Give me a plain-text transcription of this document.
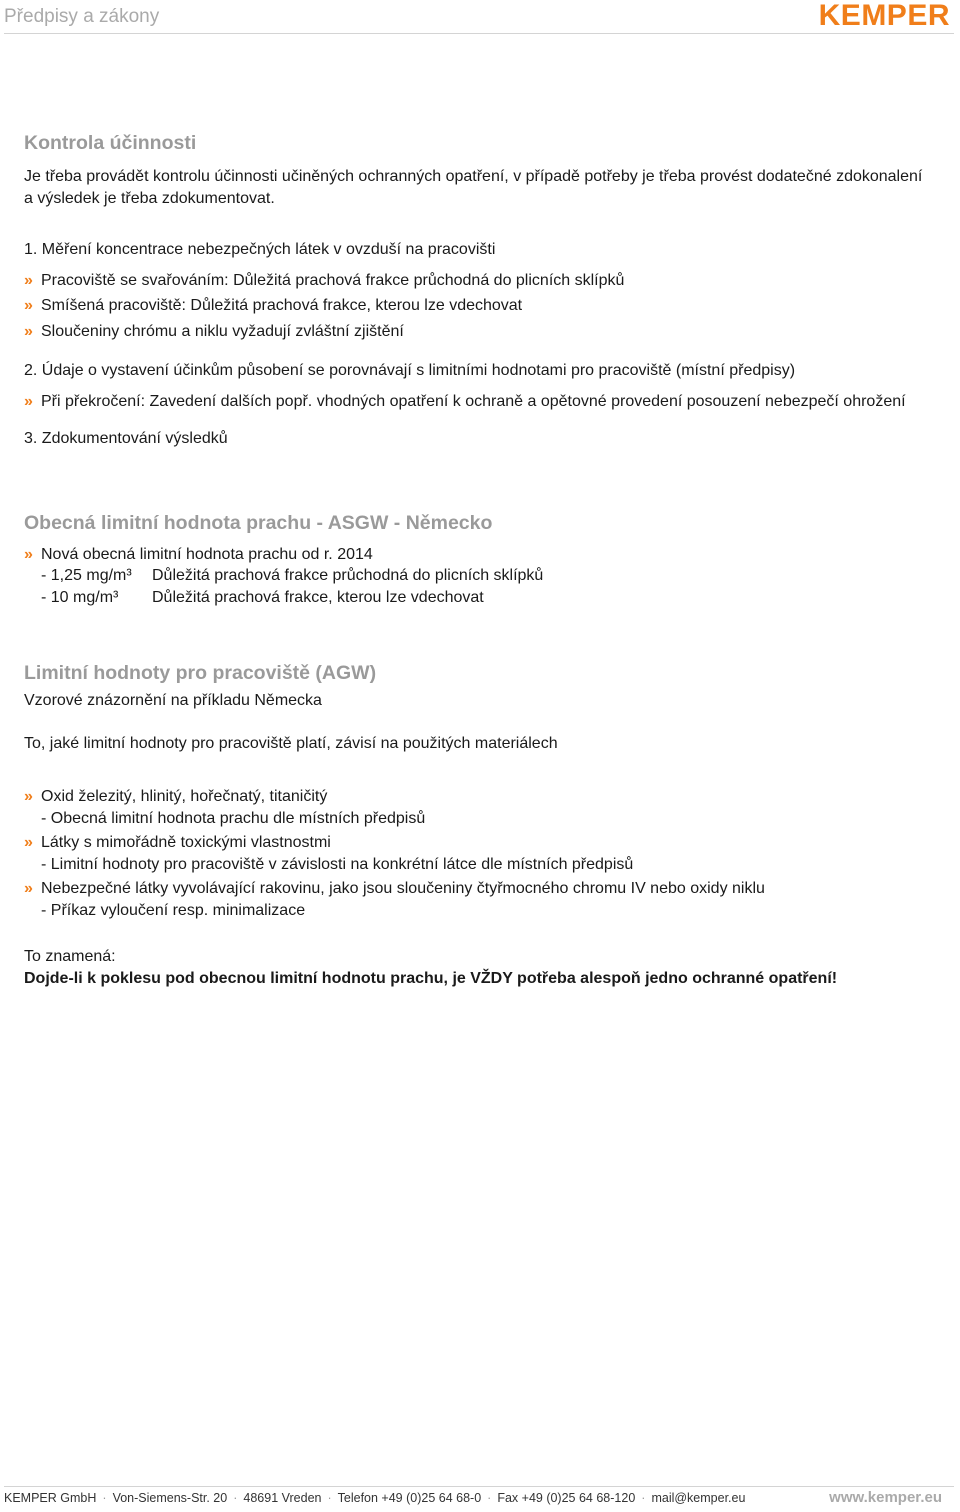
Předpisy a zákony	KEMPER
Kontrola účinnosti

Je třeba provádět kontrolu účinnosti učiněných ochranných opatření, v případě potřeby je třeba provést dodatečné zdokonalení a výsledek je třeba zdokumentovat.

1. Měření koncentrace nebezpečných látek v ovzduší na pracovišti

» Pracoviště se svařováním: Důležitá prachová frakce průchodná do plicních sklípků
» Smíšená pracoviště: Důležitá prachová frakce, kterou lze vdechovat
» Sloučeniny chrómu a niklu vyžadují zvláštní zjištění

2. Údaje o vystavení účinkům působení se porovnávají s limitními hodnotami pro pracoviště (místní předpisy)

» Při překročení: Zavedení dalších popř. vhodných opatření k ochraně a opětovné provedení posouzení nebezpečí ohrožení

3. Zdokumentování výsledků

Obecná limitní hodnota prachu - ASGW - Německo
» Nová obecná limitní hodnota prachu od r. 2014
- 1,25 mg/m³	Důležitá prachová frakce průchodná do plicních sklípků
- 10 mg/m³	Důležitá prachová frakce, kterou lze vdechovat
Limitní hodnoty pro pracoviště (AGW)

Vzorové znázornění na příkladu Německa

To, jaké limitní hodnoty pro pracoviště platí, závisí na použitých materiálech

» Oxid železitý, hlinitý, hořečnatý, titaničitý
- Obecná limitní hodnota prachu dle místních předpisů
» Látky s mimořádně toxickými vlastnostmi
- Limitní hodnoty pro pracoviště v závislosti na konkrétní látce dle místních předpisů
» Nebezpečné látky vyvolávající rakovinu, jako jsou sloučeniny čtyřmocného chromu IV nebo oxidy niklu
- Příkaz vyloučení resp. minimalizace

To znamená:

Dojde-li k poklesu pod obecnou limitní hodnotu prachu, je VŽDY potřeba alespoň jedno ochranné opatření!

KEMPER GmbH · Von-Siemens-Str. 20 · 48691 Vreden · Telefon +49 (0)25 64 68-0 · Fax +49 (0)25 64 68-120 · mail@kemper.eu	www.kemper.eu
